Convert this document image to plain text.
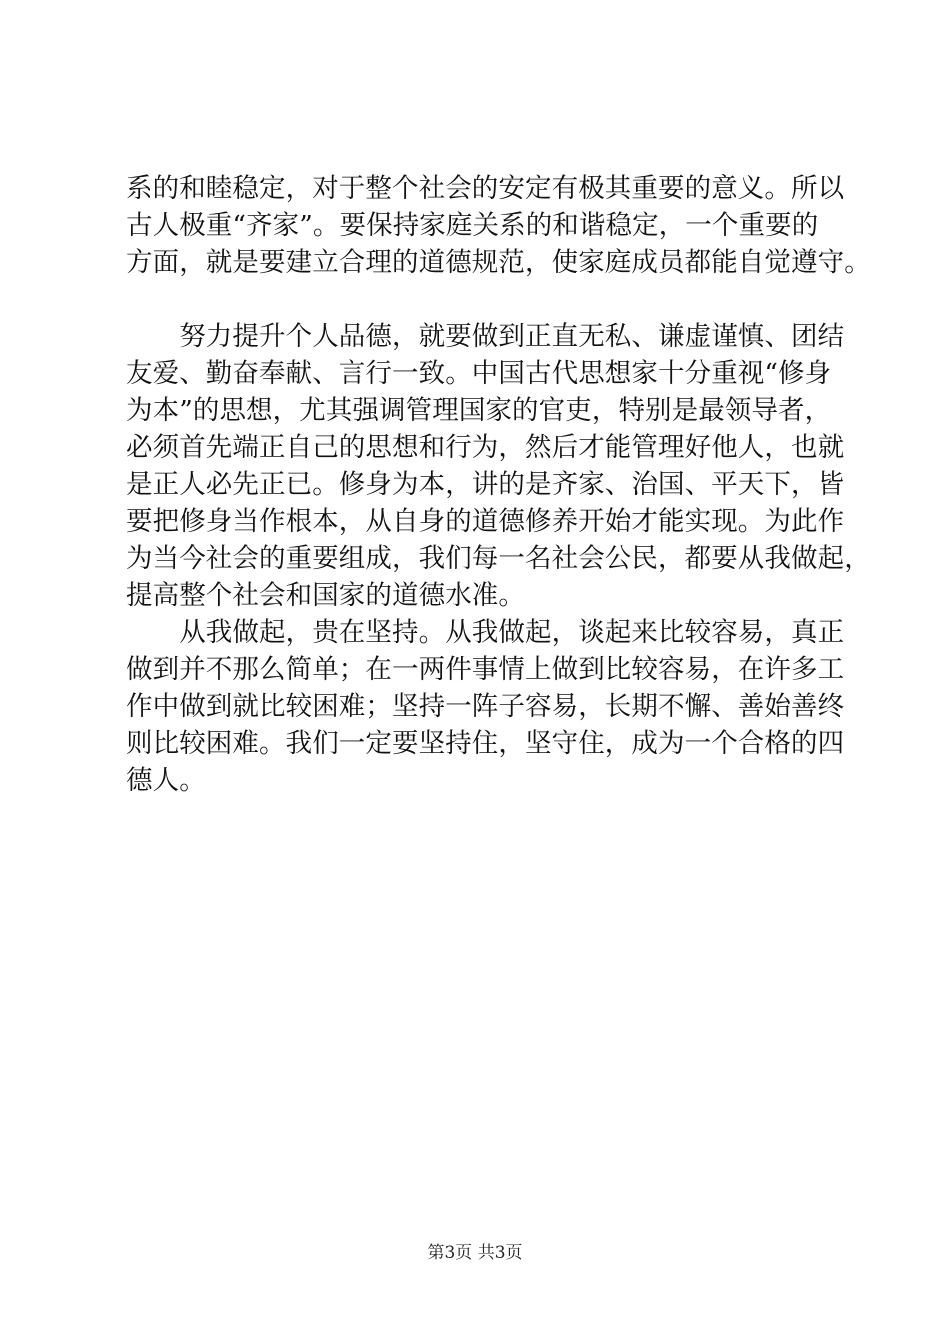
系的和睦稳定，对于整个社会的安定有极其重要的意义。所以
古人极重“齐家”。要保持家庭关系的和谐稳定，一个重要的
方面，就是要建立合理的道德规范，使家庭成员都能自觉遵守。
　　努力提升个人品德，就要做到正直无私、谦虚谨慎、团结
友爱、勤奋奉献、言行一致。中国古代思想家十分重视“修身
为本”的思想，尤其强调管理国家的官吏，特别是最领导者，
必须首先端正自己的思想和行为，然后才能管理好他人，也就
是正人必先正已。修身为本，讲的是齐家、治国、平天下，皆
要把修身当作根本，从自身的道德修养开始才能实现。为此作
为当今社会的重要组成，我们每一名社会公民，都要从我做起，
提高整个社会和国家的道德水准。
　　从我做起，贵在坚持。从我做起，谈起来比较容易，真正
做到并不那么简单；在一两件事情上做到比较容易，在许多工
作中做到就比较困难；坚持一阵子容易，长期不懈、善始善终
则比较困难。我们一定要坚持住，坚守住，成为一个合格的四
德人。
第3页 共3页
